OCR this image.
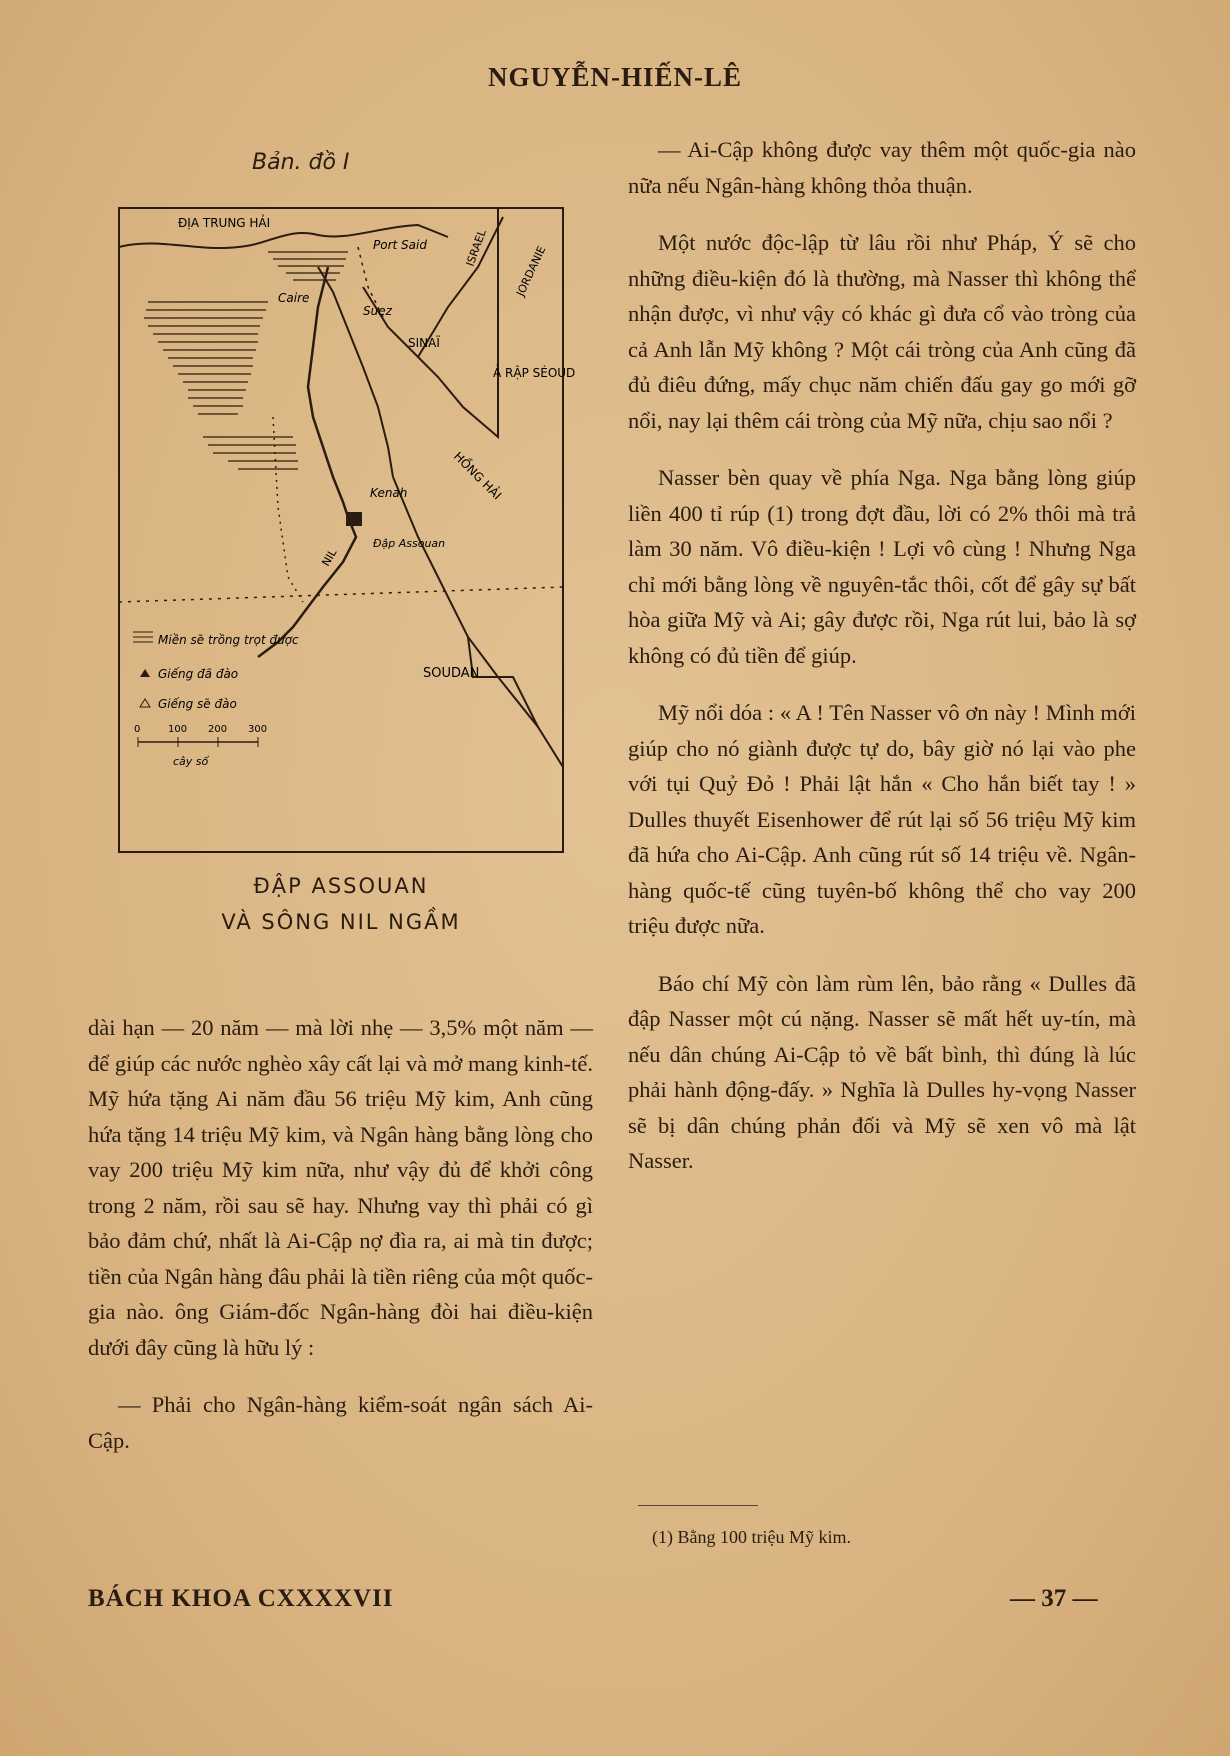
NGUYỄN-HIẾN-LÊ
Bản. đồ I
ĐỊA TRUNG HẢI
Port Said
Caire
Suez
SINAÏ
ISRAEL JORDANIE
Ả RẬP SÉOUD
Kenah	HỒNG HẢI
Đập Assouan
NIL
SOUDAN
Miền sẽ trồng trọt được
Giếng đã đào
Giếng sẽ đào
0	100 200 300
cây số
ĐẬP ASSOUAN
VÀ SÔNG NIL NGẦM

dài hạn — 20 năm — mà lời nhẹ — 3,5% một năm — để giúp các nước nghèo xây cất lại và mở mang kinh-tế. Mỹ hứa tặng Ai năm đầu 56 triệu Mỹ kim, Anh cũng hứa tặng 14 triệu Mỹ kim, và Ngân hàng bằng lòng cho vay 200 triệu Mỹ kim nữa, như vậy đủ để khởi công trong 2 năm, rồi sau sẽ hay. Nhưng vay thì phải có gì bảo đảm chứ, nhất là Ai-Cập nợ đìa ra, ai mà tin được; tiền của Ngân hàng đâu phải là tiền riêng của một quốc-gia nào. ông Giám-đốc Ngân-hàng đòi hai điều-kiện dưới đây cũng là hữu lý :

— Phải cho Ngân-hàng kiểm-soát ngân sách Ai-Cập.

— Ai-Cập không được vay thêm một quốc-gia nào nữa nếu Ngân-hàng không thỏa thuận.

Một nước độc-lập từ lâu rồi như Pháp, Ý sẽ cho những điều-kiện đó là thường, mà Nasser thì không thể nhận được, vì như vậy có khác gì đưa cổ vào tròng của cả Anh lẫn Mỹ không ? Một cái tròng của Anh cũng đã đủ điêu đứng, mấy chục năm chiến đấu gay go mới gỡ nổi, nay lại thêm cái tròng của Mỹ nữa, chịu sao nổi ?

Nasser bèn quay về phía Nga. Nga bằng lòng giúp liền 400 tỉ rúp (1) trong đợt đầu, lời có 2% thôi mà trả làm 30 năm. Vô điều-kiện ! Lợi vô cùng ! Nhưng Nga chỉ mới bằng lòng về nguyên-tắc thôi, cốt để gây sự bất hòa giữa Mỹ và Ai; gây được rồi, Nga rút lui, bảo là sợ không có đủ tiền để giúp.

Mỹ nổi dóa : « A ! Tên Nasser vô ơn này ! Mình mới giúp cho nó giành được tự do, bây giờ nó lại vào phe với tụi Quỷ Đỏ ! Phải lật hắn « Cho hắn biết tay ! » Dulles thuyết Eisenhower để rút lại số 56 triệu Mỹ kim đã hứa cho Ai-Cập. Anh cũng rút số 14 triệu về. Ngân-hàng quốc-tế cũng tuyên-bố không thể cho vay 200 triệu được nữa.

Báo chí Mỹ còn làm rùm lên, bảo rằng « Dulles đã đập Nasser một cú nặng. Nasser sẽ mất hết uy-tín, mà nếu dân chúng Ai-Cập tỏ về bất bình, thì đúng là lúc phải hành động-đấy. » Nghĩa là Dulles hy-vọng Nasser sẽ bị dân chúng phản đối và Mỹ sẽ xen vô mà lật Nasser.

(1) Bằng 100 triệu Mỹ kim.
BÁCH KHOA CXXXXVII	— 37 —
